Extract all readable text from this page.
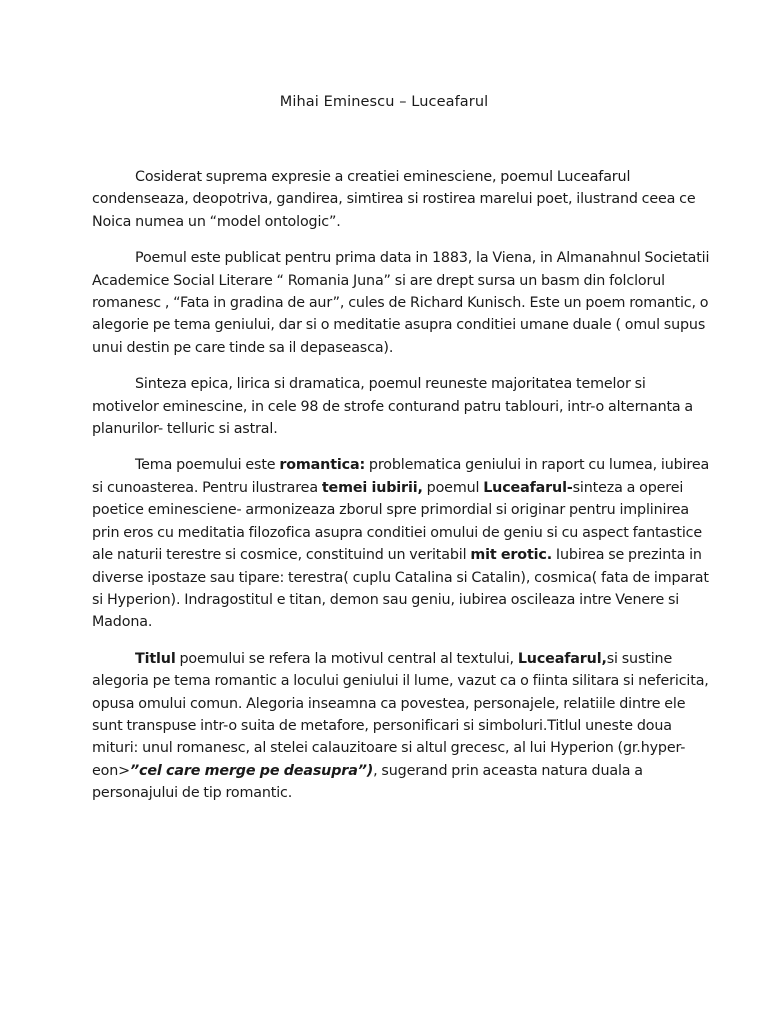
Mihai Eminescu – Luceafarul

Cosiderat suprema expresie a creatiei eminesciene, poemul Luceafarul condenseaza, deopotriva, gandirea, simtirea si rostirea marelui poet, ilustrand ceea ce Noica numea un “model ontologic”.

Poemul este publicat pentru prima data in 1883, la Viena, in Almanahnul Societatii Academice Social Literare “ Romania Juna” si are drept sursa un basm din folclorul romanesc , “Fata in gradina de aur”, cules de Richard Kunisch. Este un poem romantic, o alegorie pe tema geniului, dar si o meditatie asupra conditiei umane duale ( omul supus unui destin pe care tinde sa il depaseasca).

Sinteza epica, lirica si dramatica, poemul reuneste majoritatea temelor si motivelor eminescine, in cele 98 de strofe conturand patru tablouri, intr-o alternanta a planurilor- telluric si astral.

Tema poemului este romantica: problematica geniului in raport cu lumea, iubirea si cunoasterea. Pentru ilustrarea temei iubirii, poemul Luceafarul-sinteza a operei poetice eminesciene- armonizeaza zborul spre primordial si originar pentru implinirea prin eros cu meditatia filozofica asupra conditiei omului de geniu si cu aspect fantastice ale naturii terestre si cosmice, constituind un veritabil mit erotic. Iubirea se prezinta in diverse ipostaze sau tipare: terestra( cuplu Catalina si Catalin), cosmica( fata de imparat si Hyperion). Indragostitul e titan, demon sau geniu, iubirea oscileaza intre Venere si Madona.

Titlul poemului se refera la motivul central al textului, Luceafarul,si sustine alegoria pe tema romantic a locului geniului il lume, vazut ca o fiinta silitara si nefericita, opusa omului comun. Alegoria inseamna ca povestea, personajele, relatiile dintre ele sunt transpuse intr-o suita de metafore, personificari si simboluri.Titlul uneste doua mituri: unul romanesc, al stelei calauzitoare si altul grecesc, al lui Hyperion (gr.hyper-eon>”cel care merge pe deasupra”), sugerand prin aceasta natura duala a personajului de tip romantic.
